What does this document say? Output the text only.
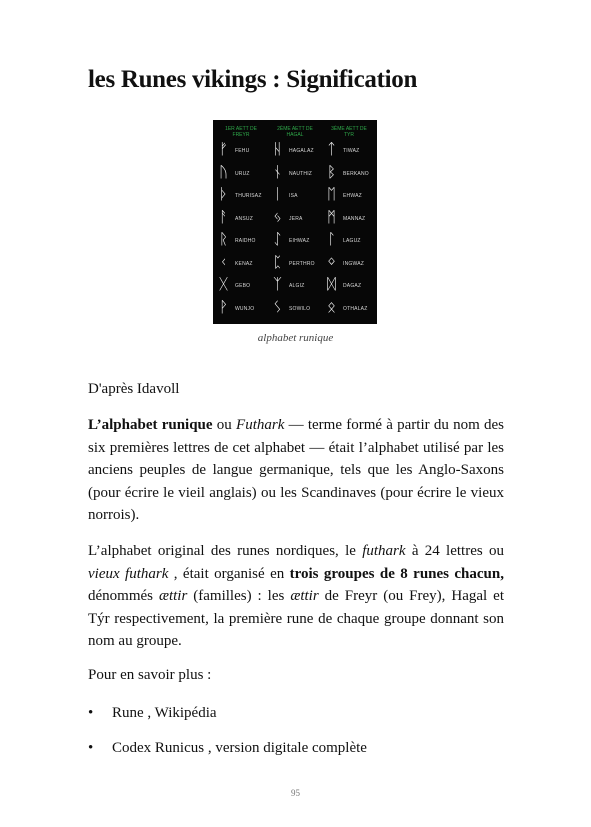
les Runes vikings : Signification
1ER AETT DE FREYR
ᚠ FEHU
ᚢ URUZ
ᚦ THURISAZ
ᚨ ANSUZ
ᚱ RAIDHO
ᚲ KENAZ
ᚷ GEBO
ᚹ WUNJO
2ÈME AETT DE HAGAL
ᚺ HAGALAZ
ᚾ NAUTHIZ
ᛁ ISA
ᛃ JERA
ᛇ EIHWAZ
ᛈ PERTHRO
ᛉ ALGIZ
ᛊ SOWILO
3ÈME AETT DE TYR
ᛏ TIWAZ
ᛒ BERKANO
ᛖ EHWAZ
ᛗ MANNAZ
ᛚ LAGUZ
ᛜ INGWAZ
ᛞ DAGAZ
ᛟ OTHALAZ
alphabet runique

D'après Idavoll

L’alphabet runique ou Futhark — terme formé à partir du nom des six premières lettres de cet alphabet — était l’alphabet utilisé par les anciens peuples de langue germanique, tels que les Anglo-Saxons (pour écrire le vieil anglais) ou les Scandinaves (pour écrire le vieux norrois).

L’alphabet original des runes nordiques, le futhark à 24 lettres ou vieux futhark , était organisé en trois groupes de 8 runes chacun, dénommés ættir (familles) : les ættir de Freyr (ou Frey), Hagal et Týr respectivement, la première rune de chaque groupe donnant son nom au groupe.

Pour en savoir plus :

• Rune , Wikipédia
• Codex Runicus , version digitale complète
95
